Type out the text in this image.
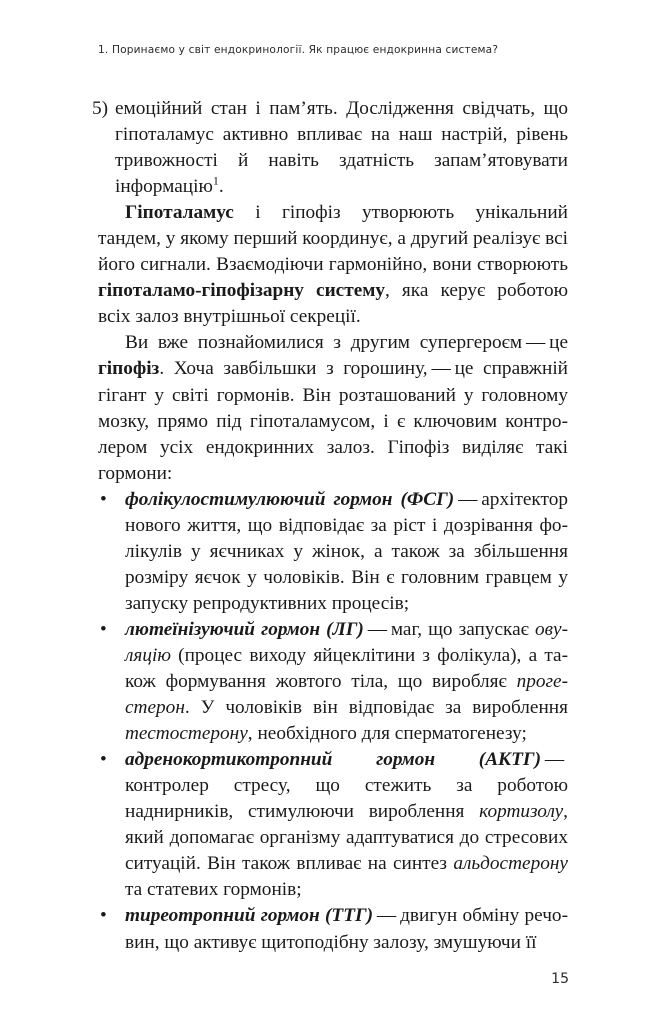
1. Поринаємо у світ ендокринології. Як працює ендокринна система?
5) емоційний стан і пам’ять. Дослідження свідчать, що гіпоталамус активно впливає на наш настрій, рівень тривожності й навіть здатність запам’ятовувати інформацію$^1$.

Гіпоталамус і гіпофіз утворюють унікальний тандем, у якому перший координує, а другий реалізує всі його сигнали. Взаємодіючи гармонійно, вони створюють гіпоталамо-гіпофізарну систему, яка керує роботою всіх залоз внутрішньої секреції.

Ви вже познайомилися з другим супергероєм — це гіпофіз. Хоча завбільшки з горошину, — це справжній гігант у світі гормонів. Він розташований у головному мозку, прямо під гіпоталамусом, і є ключовим контролером усіх ендокринних залоз. Гіпофіз виділяє такі гормони:

• фолікулостимулюючий гормон (ФСГ) — архітектор нового життя, що відповідає за ріст і дозрівання фолікулів у яєчниках у жінок, а також за збільшення розміру яєчок у чоловіків. Він є головним гравцем у запуску репродуктивних процесів;
• лютеїнізуючий гормон (ЛГ) — маг, що запускає овуляцію (процес виходу яйцеклітини з фолікула), а також формування жовтого тіла, що виробляє прогестерон. У чоловіків він відповідає за вироблення тестостерону, необхідного для сперматогенезу;
• адренокортикотропний гормон (АКТГ) — контролер стресу, що стежить за роботою наднирників, стимулюючи вироблення кортизолу, який допомагає організму адаптуватися до стресових ситуацій. Він також впливає на синтез альдостерону та статевих гормонів;
• тиреотропний гормон (ТТГ) — двигун обміну речовин, що активує щитоподібну залозу, змушуючи її
15
